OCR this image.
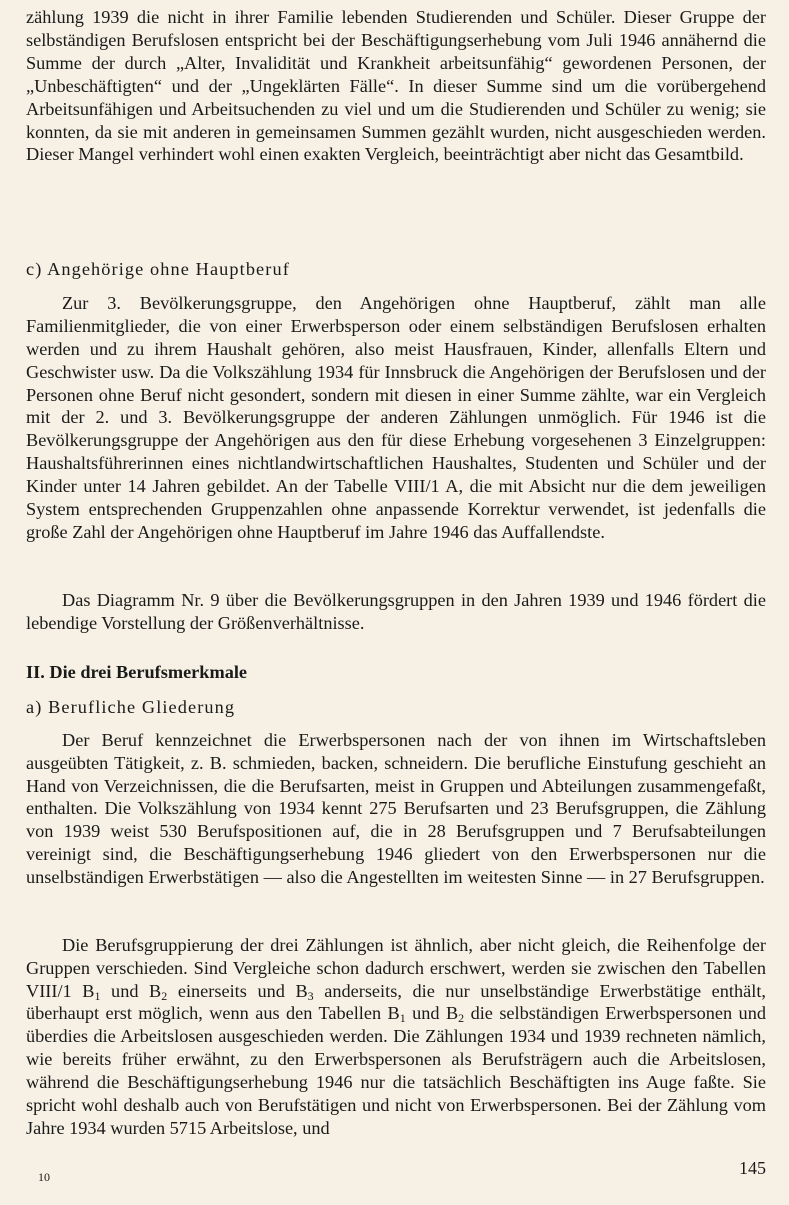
zählung 1939 die nicht in ihrer Familie lebenden Studierenden und Schüler. Dieser Gruppe der selbständigen Berufslosen entspricht bei der Beschäftigungserhebung vom Juli 1946 annähernd die Summe der durch „Alter, Invalidität und Krankheit arbeitsunfähig“ gewordenen Personen, der „Unbeschäftigten“ und der „Ungeklärten Fälle“. In dieser Summe sind um die vorübergehend Arbeitsunfähigen und Arbeitsuchenden zu viel und um die Studierenden und Schüler zu wenig; sie konnten, da sie mit anderen in gemeinsamen Summen gezählt wurden, nicht ausgeschieden werden. Dieser Mangel verhindert wohl einen exakten Vergleich, beeinträchtigt aber nicht das Gesamtbild.

c) Angehörige ohne Hauptberuf

Zur 3. Bevölkerungsgruppe, den Angehörigen ohne Hauptberuf, zählt man alle Familienmitglieder, die von einer Erwerbsperson oder einem selbständigen Berufslosen erhalten werden und zu ihrem Haushalt gehören, also meist Hausfrauen, Kinder, allenfalls Eltern und Geschwister usw. Da die Volkszählung 1934 für Innsbruck die Angehörigen der Berufslosen und der Personen ohne Beruf nicht gesondert, sondern mit diesen in einer Summe zählte, war ein Vergleich mit der 2. und 3. Bevölkerungsgruppe der anderen Zählungen unmöglich. Für 1946 ist die Bevölkerungsgruppe der Angehörigen aus den für diese Erhebung vorgesehenen 3 Einzelgruppen: Haushaltsführerinnen eines nichtlandwirtschaftlichen Haushaltes, Studenten und Schüler und der Kinder unter 14 Jahren gebildet. An der Tabelle VIII/1 A, die mit Absicht nur die dem jeweiligen System entsprechenden Gruppenzahlen ohne anpassende Korrektur verwendet, ist jedenfalls die große Zahl der Angehörigen ohne Hauptberuf im Jahre 1946 das Auffallendste.

Das Diagramm Nr. 9 über die Bevölkerungsgruppen in den Jahren 1939 und 1946 fördert die lebendige Vorstellung der Größenverhältnisse.

II. Die drei Berufsmerkmale

a) Berufliche Gliederung

Der Beruf kennzeichnet die Erwerbspersonen nach der von ihnen im Wirtschaftsleben ausgeübten Tätigkeit, z. B. schmieden, backen, schneidern. Die berufliche Einstufung geschieht an Hand von Verzeichnissen, die die Berufsarten, meist in Gruppen und Abteilungen zusammengefaßt, enthalten. Die Volkszählung von 1934 kennt 275 Berufsarten und 23 Berufsgruppen, die Zählung von 1939 weist 530 Berufspositionen auf, die in 28 Berufsgruppen und 7 Berufsabteilungen vereinigt sind, die Beschäftigungserhebung 1946 gliedert von den Erwerbspersonen nur die unselbständigen Erwerbstätigen — also die Angestellten im weitesten Sinne — in 27 Berufsgruppen.

Die Berufsgruppierung der drei Zählungen ist ähnlich, aber nicht gleich, die Reihenfolge der Gruppen verschieden. Sind Vergleiche schon dadurch erschwert, werden sie zwischen den Tabellen VIII/1 $B_1$ und $B_2$ einerseits und $B_3$ anderseits, die nur unselbständige Erwerbstätige enthält, überhaupt erst möglich, wenn aus den Tabellen $B_1$ und $B_2$ die selbständigen Erwerbspersonen und überdies die Arbeitslosen ausgeschieden werden. Die Zählungen 1934 und 1939 rechneten nämlich, wie bereits früher erwähnt, zu den Erwerbspersonen als Berufsträgern auch die Arbeitslosen, während die Beschäftigungserhebung 1946 nur die tatsächlich Beschäftigten ins Auge faßte. Sie spricht wohl deshalb auch von Berufstätigen und nicht von Erwerbspersonen. Bei der Zählung vom Jahre 1934 wurden 5715 Arbeitslose, und

10	145
